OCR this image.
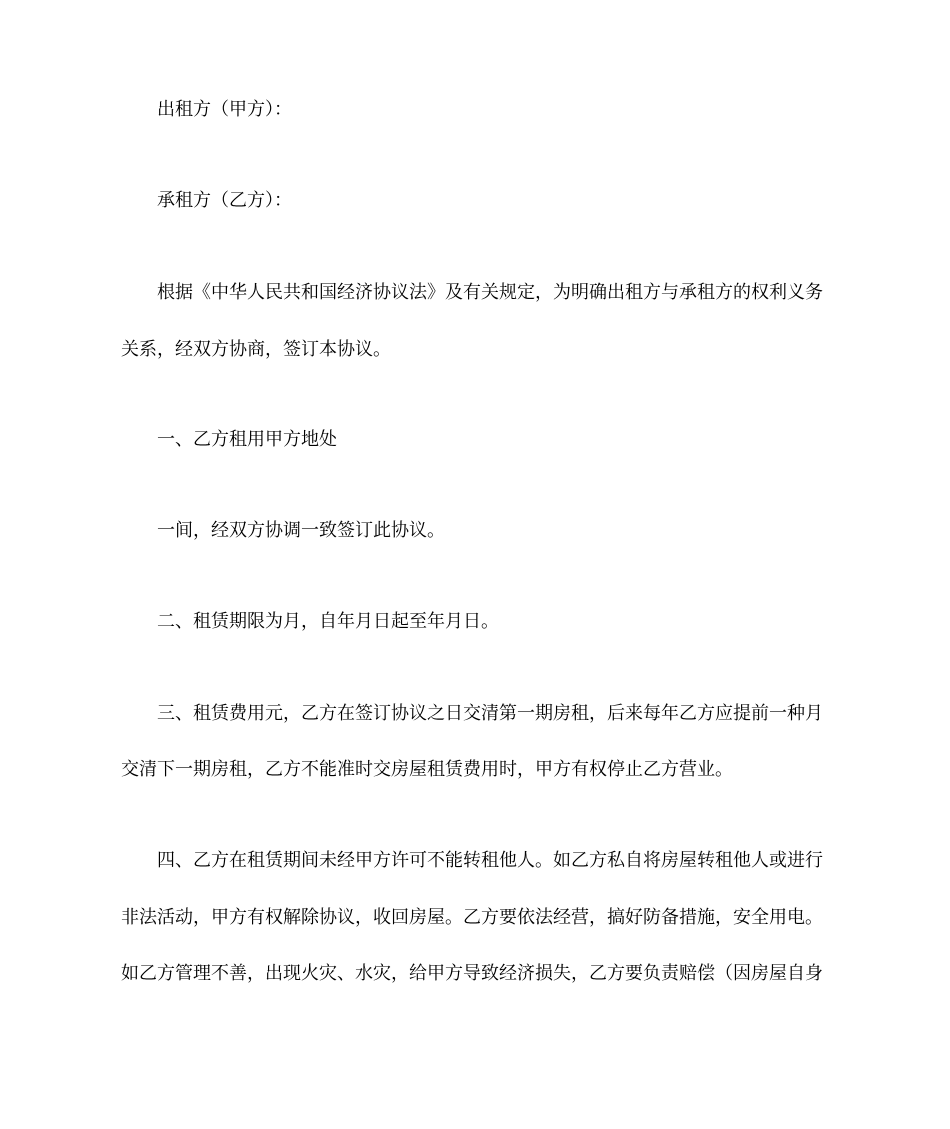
出租方（甲方）：
承租方（乙方）：
根据《中华人民共和国经济协议法》及有关规定，为明确出租方与承租方的权利义务
关系，经双方协商，签订本协议。
一、乙方租用甲方地处
一间，经双方协调一致签订此协议。
二、租赁期限为月，自年月日起至年月日。
三、租赁费用元，乙方在签订协议之日交清第一期房租，后来每年乙方应提前一种月
交清下一期房租，乙方不能准时交房屋租赁费用时，甲方有权停止乙方营业。
四、乙方在租赁期间未经甲方许可不能转租他人。如乙方私自将房屋转租他人或进行
非法活动，甲方有权解除协议，收回房屋。乙方要依法经营，搞好防备措施，安全用电。
如乙方管理不善，出现火灾、水灾，给甲方导致经济损失，乙方要负责赔偿（因房屋自身
